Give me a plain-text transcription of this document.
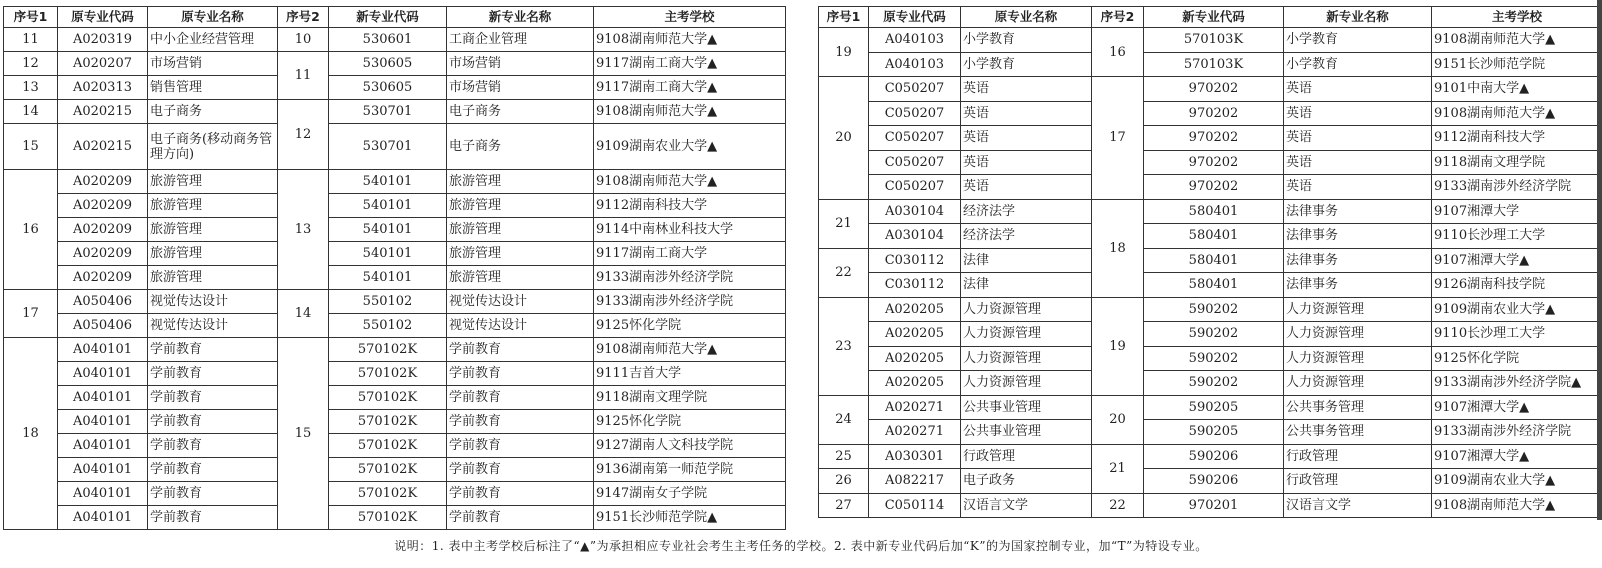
序号1	原专业代码	原专业名称	序号2	新专业代码	新专业名称	主考学校
11	A020319	中小企业经营管理	10	530601	工商企业管理	9108湖南师范大学▲
12	A020207	市场营销	11	530605	市场营销	9117湖南工商大学▲
13	A020313	销售管理		530605	市场营销	9117湖南工商大学▲
14	A020215	电子商务	12	530701	电子商务	9108湖南师范大学▲
15	A020215	电子商务(移动商务管理方向)		530701	电子商务	9109湖南农业大学▲
16	A020209	旅游管理	13	540101	旅游管理	9108湖南师范大学▲
	A020209	旅游管理		540101	旅游管理	9112湖南科技大学
	A020209	旅游管理		540101	旅游管理	9114中南林业科技大学
	A020209	旅游管理		540101	旅游管理	9117湖南工商大学
	A020209	旅游管理		540101	旅游管理	9133湖南涉外经济学院
17	A050406	视觉传达设计	14	550102	视觉传达设计	9133湖南涉外经济学院
	A050406	视觉传达设计		550102	视觉传达设计	9125怀化学院
18	A040101	学前教育	15	570102K	学前教育	9108湖南师范大学▲
	A040101	学前教育		570102K	学前教育	9111吉首大学
	A040101	学前教育		570102K	学前教育	9118湖南文理学院
	A040101	学前教育		570102K	学前教育	9125怀化学院
	A040101	学前教育		570102K	学前教育	9127湖南人文科技学院
	A040101	学前教育		570102K	学前教育	9136湖南第一师范学院
	A040101	学前教育		570102K	学前教育	9147湖南女子学院
	A040101	学前教育		570102K	学前教育	9151长沙师范学院▲
序号1	原专业代码	原专业名称	序号2	新专业代码	新专业名称	主考学校
19	A040103	小学教育	16	570103K	小学教育	9108湖南师范大学▲
	A040103	小学教育		570103K	小学教育	9151长沙师范学院
20	C050207	英语	17	970202	英语	9101中南大学▲
	C050207	英语		970202	英语	9108湖南师范大学▲
	C050207	英语		970202	英语	9112湖南科技大学
	C050207	英语		970202	英语	9118湖南文理学院
	C050207	英语		970202	英语	9133湖南涉外经济学院
21	A030104	经济法学	18	580401	法律事务	9107湘潭大学
	A030104	经济法学		580401	法律事务	9110长沙理工大学
22	C030112	法律		580401	法律事务	9107湘潭大学▲
	C030112	法律		580401	法律事务	9126湖南科技学院
23	A020205	人力资源管理	19	590202	人力资源管理	9109湖南农业大学▲
	A020205	人力资源管理		590202	人力资源管理	9110长沙理工大学
	A020205	人力资源管理		590202	人力资源管理	9125怀化学院
	A020205	人力资源管理		590202	人力资源管理	9133湖南涉外经济学院▲
24	A020271	公共事业管理	20	590205	公共事务管理	9107湘潭大学▲
	A020271	公共事业管理		590205	公共事务管理	9133湖南涉外经济学院
25	A030301	行政管理	21	590206	行政管理	9107湘潭大学▲
26	A082217	电子政务		590206	行政管理	9109湖南农业大学▲
27	C050114	汉语言文学	22	970201	汉语言文学	9108湖南师范大学▲
说明：1. 表中主考学校后标注了“▲”为承担相应专业社会考生主考任务的学校。2. 表中新专业代码后加“K”的为国家控制专业，加“T”为特设专业。
